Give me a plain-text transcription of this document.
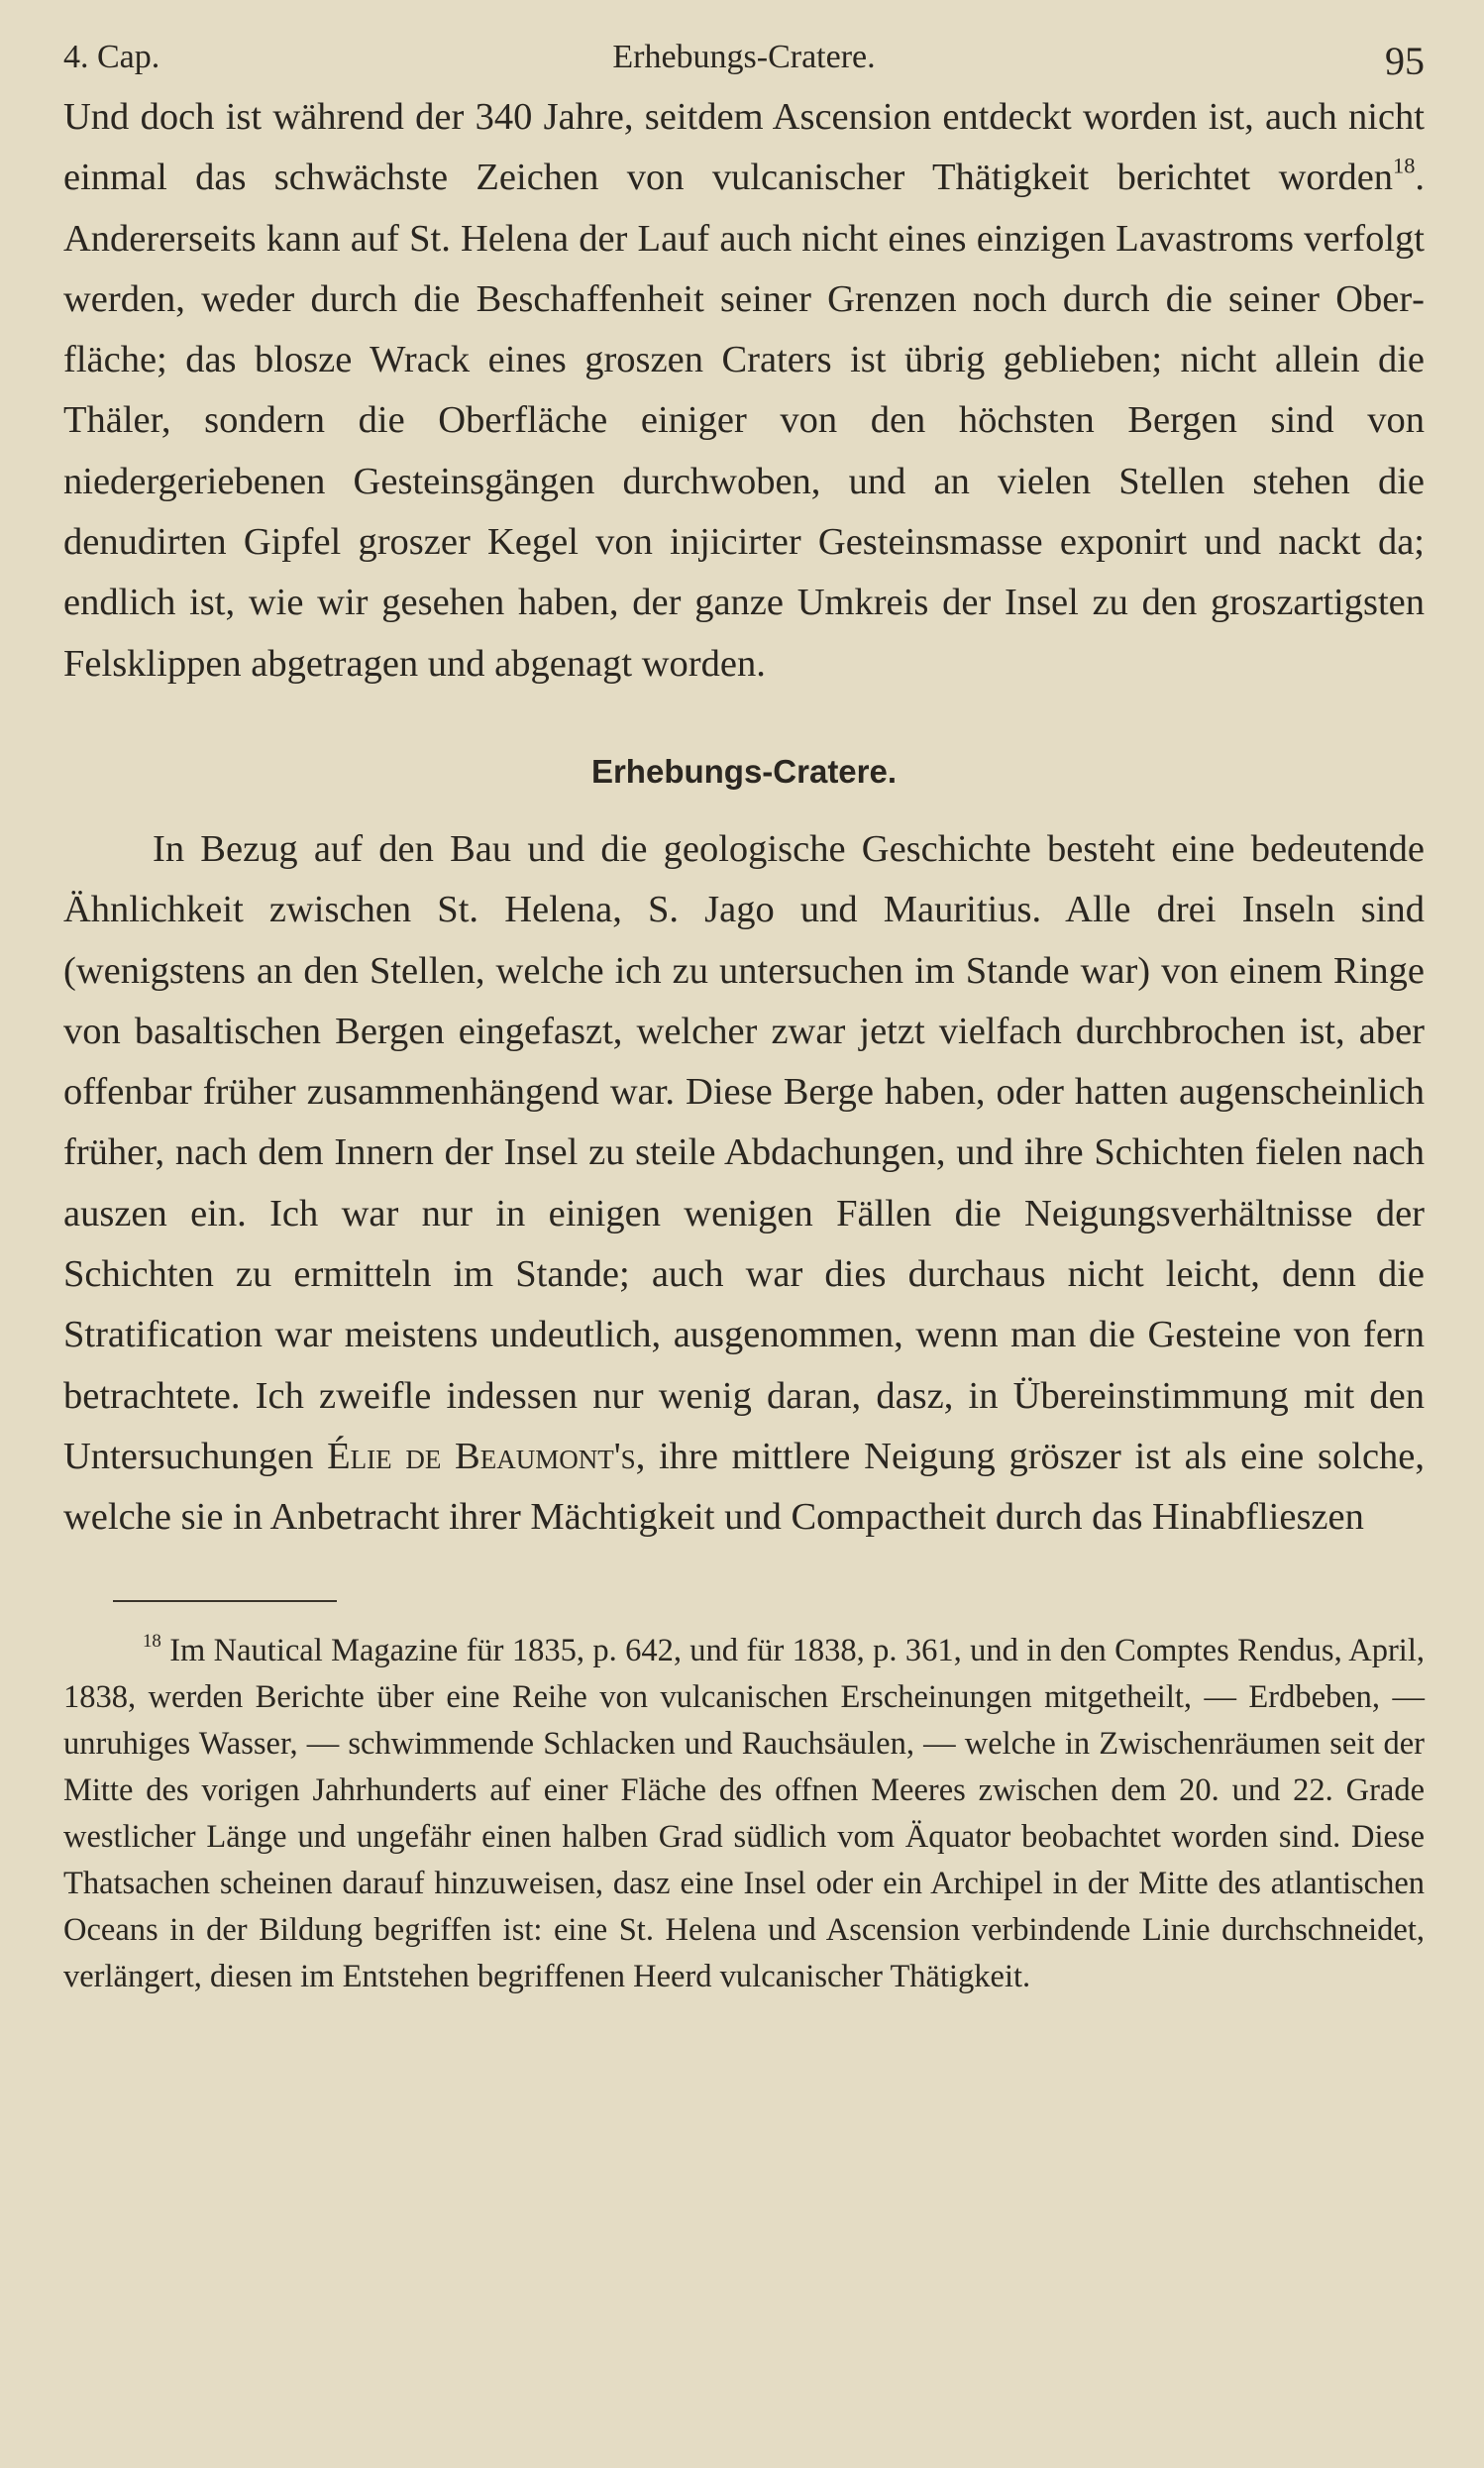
4. Cap.	Erhebungs-Cratere.	95

Und doch ist während der 340 Jahre, seitdem Ascension entdeckt worden ist, auch nicht einmal das schwächste Zeichen von vulcanischer Thätigkeit berichtet worden$^{18}$. Andererseits kann auf St. Helena der Lauf auch nicht eines einzigen Lavastroms verfolgt werden, weder durch die Beschaffenheit seiner Grenzen noch durch die seiner Oberfläche; das blosze Wrack eines groszen Craters ist übrig geblieben; nicht allein die Thäler, sondern die Oberfläche einiger von den höchsten Bergen sind von niedergeriebenen Gesteinsgängen durchwoben, und an vielen Stellen stehen die denudirten Gipfel groszer Kegel von injicirter Gesteinsmasse exponirt und nackt da; endlich ist, wie wir gesehen haben, der ganze Umkreis der Insel zu den groszartigsten Felsklippen abgetragen und abgenagt worden.

Erhebungs-Cratere.

In Bezug auf den Bau und die geologische Geschichte besteht eine bedeutende Ähnlichkeit zwischen St. Helena, S. Jago und Mauritius. Alle drei Inseln sind (wenigstens an den Stellen, welche ich zu untersuchen im Stande war) von einem Ringe von basaltischen Bergen eingefaszt, welcher zwar jetzt vielfach durchbrochen ist, aber offenbar früher zusammenhängend war. Diese Berge haben, oder hatten augenscheinlich früher, nach dem Innern der Insel zu steile Abdachungen, und ihre Schichten fielen nach auszen ein. Ich war nur in einigen wenigen Fällen die Neigungsverhältnisse der Schichten zu ermitteln im Stande; auch war dies durchaus nicht leicht, denn die Stratification war meistens undeutlich, ausgenommen, wenn man die Gesteine von fern betrachtete. Ich zweifle indessen nur wenig daran, dasz, in Übereinstimmung mit den Untersuchungen Élie de Beaumont's, ihre mittlere Neigung gröszer ist als eine solche, welche sie in Anbetracht ihrer Mächtigkeit und Compactheit durch das Hinabflieszen

$^{18}$ Im Nautical Magazine für 1835, p. 642, und für 1838, p. 361, und in den Comptes Rendus, April, 1838, werden Berichte über eine Reihe von vulcanischen Erscheinungen mitgetheilt, — Erdbeben, — unruhiges Wasser, — schwimmende Schlacken und Rauchsäulen, — welche in Zwischenräumen seit der Mitte des vorigen Jahrhunderts auf einer Fläche des offnen Meeres zwischen dem 20. und 22. Grade westlicher Länge und ungefähr einen halben Grad südlich vom Äquator beobachtet worden sind. Diese Thatsachen scheinen darauf hinzuweisen, dasz eine Insel oder ein Archipel in der Mitte des atlantischen Oceans in der Bildung begriffen ist: eine St. Helena und Ascension verbindende Linie durchschneidet, verlängert, diesen im Entstehen begriffenen Heerd vulcanischer Thätigkeit.
